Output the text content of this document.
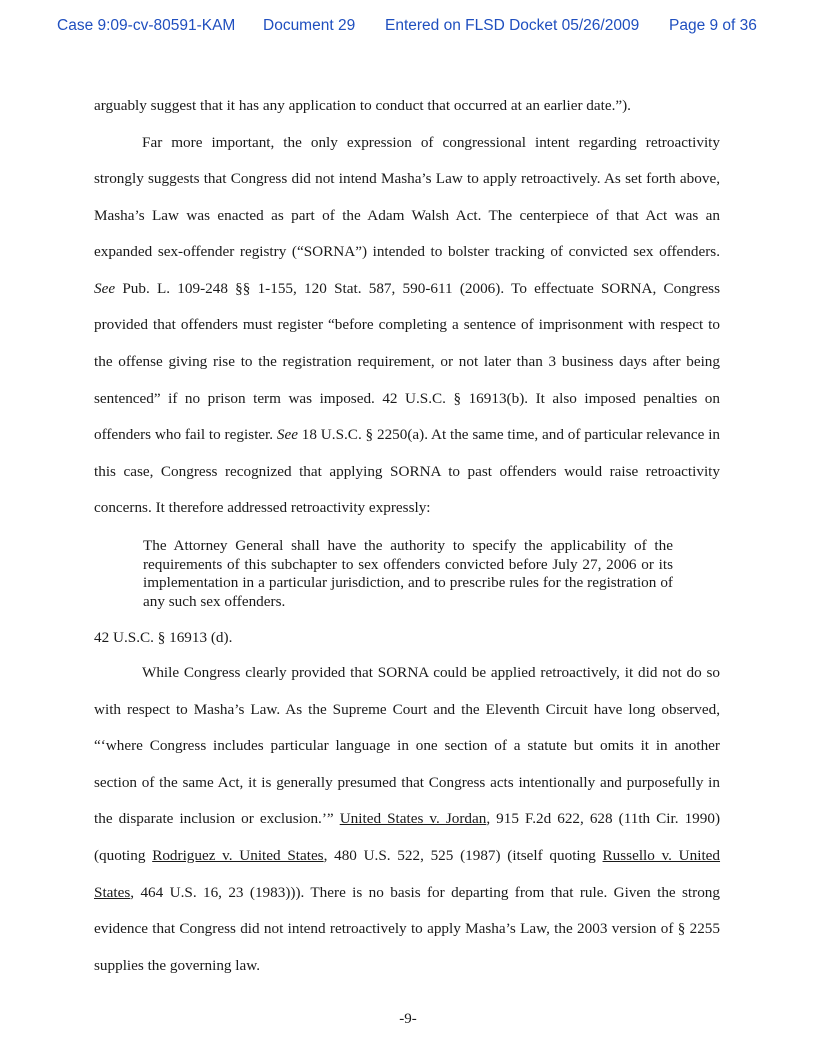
Case 9:09-cv-80591-KAM Document 29 Entered on FLSD Docket 05/26/2009 Page 9 of 36

arguably suggest that it has any application to conduct that occurred at an earlier date.”).

Far more important, the only expression of congressional intent regarding retroactivity strongly suggests that Congress did not intend Masha’s Law to apply retroactively. As set forth above, Masha’s Law was enacted as part of the Adam Walsh Act. The centerpiece of that Act was an expanded sex-offender registry (“SORNA”) intended to bolster tracking of convicted sex offenders. See Pub. L. 109-248 §§ 1-155, 120 Stat. 587, 590-611 (2006). To effectuate SORNA, Congress provided that offenders must register “before completing a sentence of imprisonment with respect to the offense giving rise to the registration requirement, or not later than 3 business days after being sentenced” if no prison term was imposed. 42 U.S.C. § 16913(b). It also imposed penalties on offenders who fail to register. See 18 U.S.C. § 2250(a). At the same time, and of particular relevance in this case, Congress recognized that applying SORNA to past offenders would raise retroactivity concerns. It therefore addressed retroactivity expressly:

The Attorney General shall have the authority to specify the applicability of the requirements of this subchapter to sex offenders convicted before July 27, 2006 or its implementation in a particular jurisdiction, and to prescribe rules for the registration of any such sex offenders.

42 U.S.C. § 16913 (d).

While Congress clearly provided that SORNA could be applied retroactively, it did not do so with respect to Masha’s Law. As the Supreme Court and the Eleventh Circuit have long observed, “‘where Congress includes particular language in one section of a statute but omits it in another section of the same Act, it is generally presumed that Congress acts intentionally and purposefully in the disparate inclusion or exclusion.’” United States v. Jordan, 915 F.2d 622, 628 (11th Cir. 1990) (quoting Rodriguez v. United States, 480 U.S. 522, 525 (1987) (itself quoting Russello v. United States, 464 U.S. 16, 23 (1983))). There is no basis for departing from that rule. Given the strong evidence that Congress did not intend retroactively to apply Masha’s Law, the 2003 version of § 2255 supplies the governing law.

-9-
